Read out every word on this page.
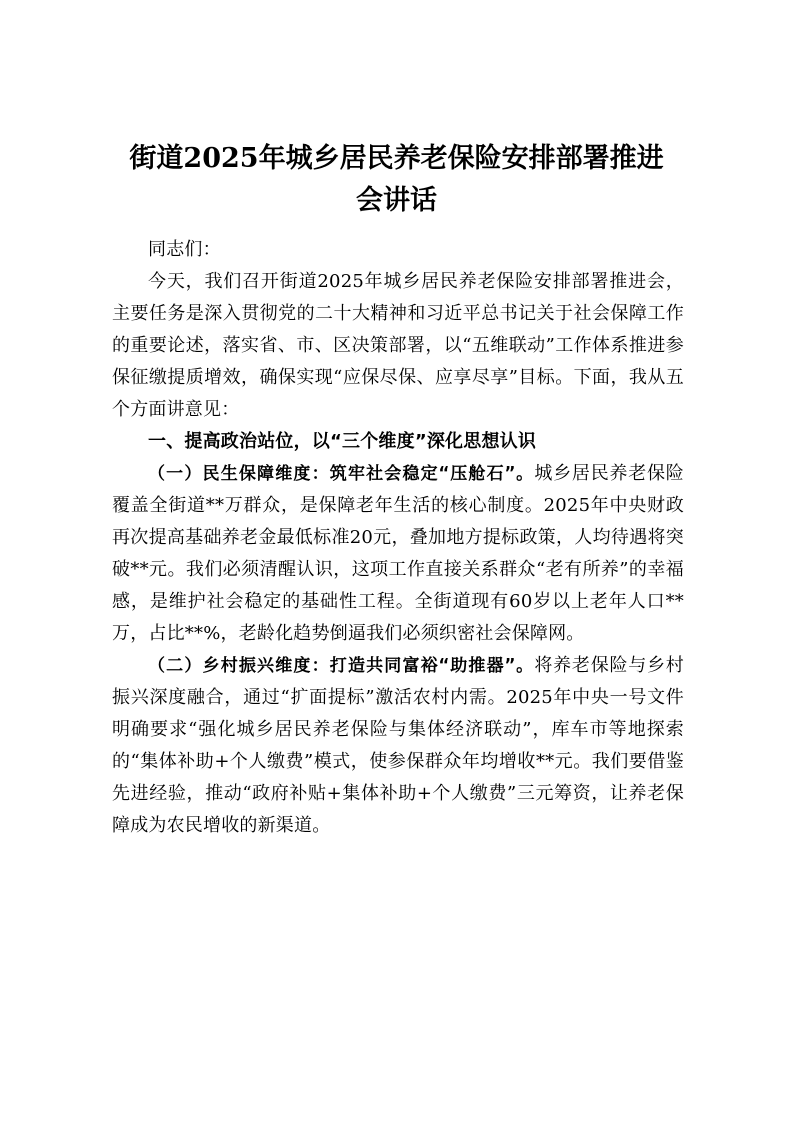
街道2025年城乡居民养老保险安排部署推进
会讲话

同志们：

今天，我们召开街道2025年城乡居民养老保险安排部署推进会，主要任务是深入贯彻党的二十大精神和习近平总书记关于社会保障工作的重要论述，落实省、市、区决策部署，以“五维联动”工作体系推进参保征缴提质增效，确保实现“应保尽保、应享尽享”目标。下面，我从五个方面讲意见：

一、提高政治站位，以“三个维度”深化思想认识

（一）民生保障维度：筑牢社会稳定“压舱石”。城乡居民养老保险覆盖全街道**万群众，是保障老年生活的核心制度。2025年中央财政再次提高基础养老金最低标准20元，叠加地方提标政策，人均待遇将突破**元。我们必须清醒认识，这项工作直接关系群众“老有所养”的幸福感，是维护社会稳定的基础性工程。全街道现有60岁以上老年人口**万，占比**%，老龄化趋势倒逼我们必须织密社会保障网。

（二）乡村振兴维度：打造共同富裕“助推器”。将养老保险与乡村振兴深度融合，通过“扩面提标”激活农村内需。2025年中央一号文件明确要求“强化城乡居民养老保险与集体经济联动”，库车市等地探索的“集体补助+个人缴费”模式，使参保群众年均增收**元。我们要借鉴先进经验，推动“政府补贴+集体补助+个人缴费”三元筹资，让养老保障成为农民增收的新渠道。
